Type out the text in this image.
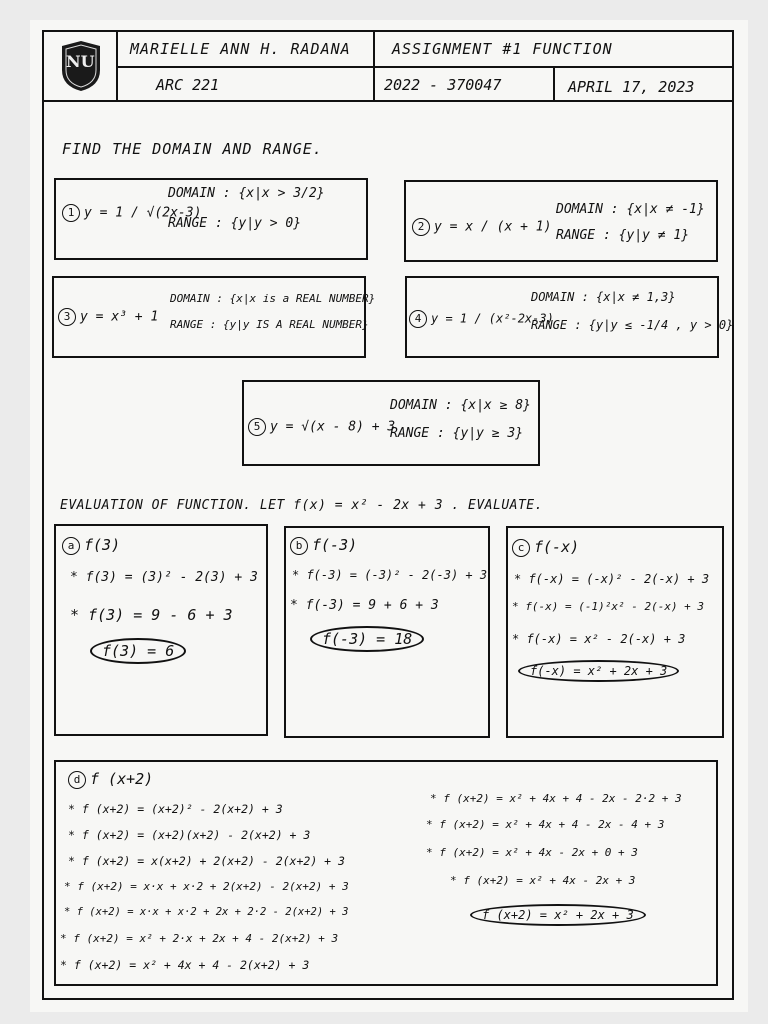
NU
MARIELLE ANN H. RADANA	ASSIGNMENT #1 FUNCTION
ARC 221	2022 - 370047	APRIL 17, 2023
FIND THE DOMAIN AND RANGE.
1 y = 1 / √(2x-3)
DOMAIN : {x|x > 3/2}
RANGE : {y|y > 0}	2 y = x / (x + 1)
DOMAIN : {x|x ≠ -1}
RANGE : {y|y ≠ 1}
3 y = x³ + 1
DOMAIN : {x|x is a REAL NUMBER}
RANGE : {y|y IS A REAL NUMBER}	4 y = 1 / (x²-2x-3)
DOMAIN : {x|x ≠ 1,3}
RANGE : {y|y ≤ -1/4 , y > 0}
5 y = √(x - 8) + 3
DOMAIN : {x|x ≥ 8}
RANGE : {y|y ≥ 3}
EVALUATION OF FUNCTION. LET f(x) = x² - 2x + 3 . EVALUATE.
a f(3)
* f(3) = (3)² - 2(3) + 3
* f(3) = 9 - 6 + 3
f(3) = 6
b f(-3)
* f(-3) = (-3)² - 2(-3) + 3
* f(-3) = 9 + 6 + 3
f(-3) = 18
c f(-x)
* f(-x) = (-x)² - 2(-x) + 3
* f(-x) = (-1)²x² - 2(-x) + 3
* f(-x) = x² - 2(-x) + 3
f(-x) = x² + 2x + 3
d f (x+2)
* f (x+2) = (x+2)² - 2(x+2) + 3
* f (x+2) = (x+2)(x+2) - 2(x+2) + 3
* f (x+2) = x(x+2) + 2(x+2) - 2(x+2) + 3
* f (x+2) = x·x + x·2 + 2(x+2) - 2(x+2) + 3
* f (x+2) = x·x + x·2 + 2x + 2·2 - 2(x+2) + 3
* f (x+2) = x² + 2·x + 2x + 4 - 2(x+2) + 3
* f (x+2) = x² + 4x + 4 - 2(x+2) + 3
* f (x+2) = x² + 4x + 4 - 2x - 2·2 + 3
* f (x+2) = x² + 4x + 4 - 2x - 4 + 3
* f (x+2) = x² + 4x - 2x + 0 + 3
* f (x+2) = x² + 4x - 2x + 3
f (x+2) = x² + 2x + 3
